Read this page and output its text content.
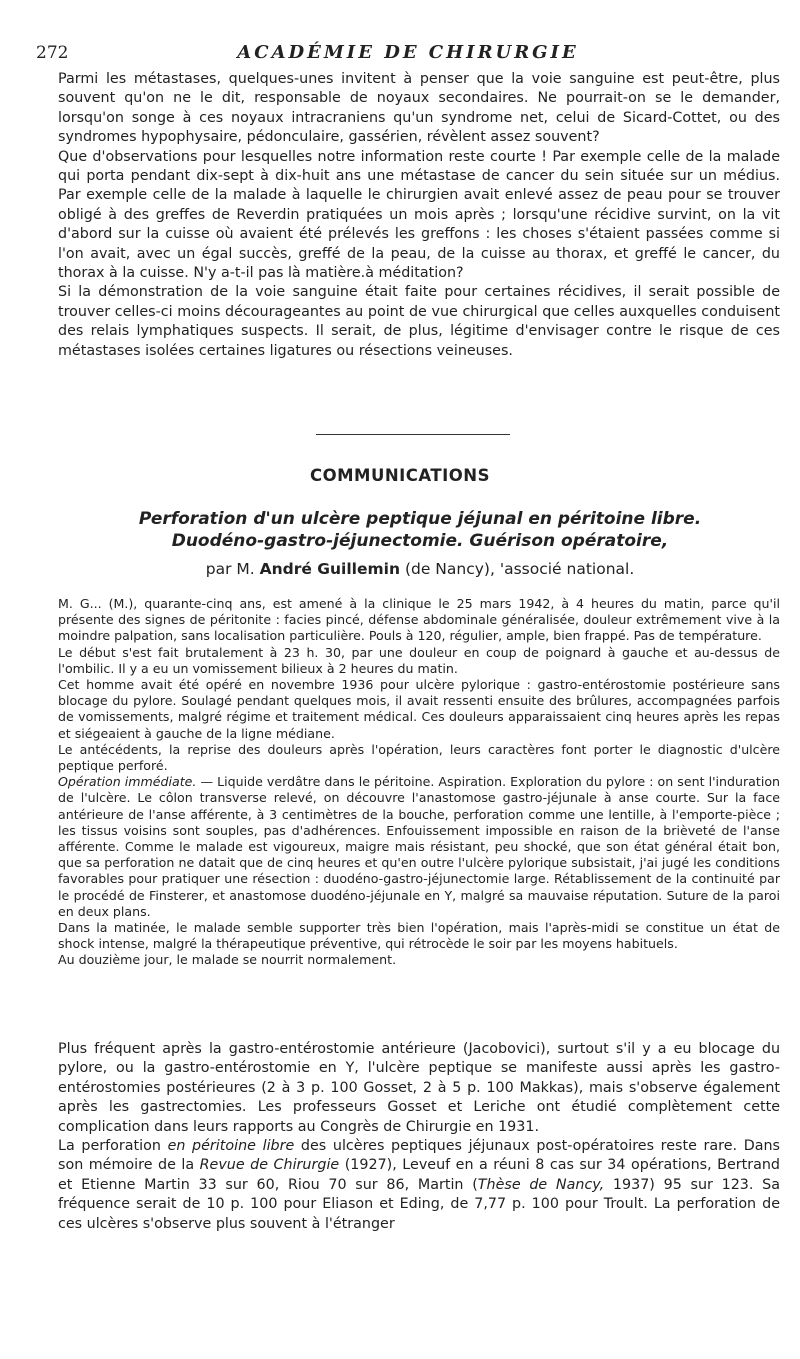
272	ACADÉMIE DE CHIRURGIE

Parmi les métastases, quelques-unes invitent à penser que la voie sanguine est peut-être, plus souvent qu'on ne le dit, responsable de noyaux secondaires. Ne pourrait-on se le demander, lorsqu'on songe à ces noyaux intracraniens qu'un syndrome net, celui de Sicard-Cottet, ou des syndromes hypophysaire, pédonculaire, gassérien, révèlent assez souvent?

Que d'observations pour lesquelles notre information reste courte ! Par exemple celle de la malade qui porta pendant dix-sept à dix-huit ans une métastase de cancer du sein située sur un médius. Par exemple celle de la malade à laquelle le chirurgien avait enlevé assez de peau pour se trouver obligé à des greffes de Reverdin pratiquées un mois après ; lorsqu'une récidive survint, on la vit d'abord sur la cuisse où avaient été prélevés les greffons : les choses s'étaient passées comme si l'on avait, avec un égal succès, greffé de la peau, de la cuisse au thorax, et greffé le cancer, du thorax à la cuisse. N'y a-t-il pas là matière.à méditation?

Si la démonstration de la voie sanguine était faite pour certaines récidives, il serait possible de trouver celles-ci moins décourageantes au point de vue chirurgical que celles auxquelles conduisent des relais lymphatiques suspects. Il serait, de plus, légitime d'envisager contre le risque de ces métastases isolées certaines ligatures ou résections veineuses.

COMMUNICATIONS
Perforation d'un ulcère peptique jéjunal en péritoine libre.
Duodéno-gastro-jéjunectomie. Guérison opératoire,
par M. André Guillemin (de Nancy), 'associé national.

M. G... (M.), quarante-cinq ans, est amené à la clinique le 25 mars 1942, à 4 heures du matin, parce qu'il présente des signes de péritonite : facies pincé, défense abdominale généralisée, douleur extrêmement vive à la moindre palpation, sans localisation particulière. Pouls à 120, régulier, ample, bien frappé. Pas de température.

Le début s'est fait brutalement à 23 h. 30, par une douleur en coup de poignard à gauche et au-dessus de l'ombilic. Il y a eu un vomissement bilieux à 2 heures du matin.

Cet homme avait été opéré en novembre 1936 pour ulcère pylorique : gastro-entérostomie postérieure sans blocage du pylore. Soulagé pendant quelques mois, il avait ressenti ensuite des brûlures, accompagnées parfois de vomissements, malgré régime et traitement médical. Ces douleurs apparaissaient cinq heures après les repas et siégeaient à gauche de la ligne médiane.

Le antécédents, la reprise des douleurs après l'opération, leurs caractères font porter le diagnostic d'ulcère peptique perforé.

Opération immédiate. — Liquide verdâtre dans le péritoine. Aspiration. Exploration du pylore : on sent l'induration de l'ulcère. Le côlon transverse relevé, on découvre l'anastomose gastro-jéjunale à anse courte. Sur la face antérieure de l'anse afférente, à 3 centimètres de la bouche, perforation comme une lentille, à l'emporte-pièce ; les tissus voisins sont souples, pas d'adhérences. Enfouissement impossible en raison de la brièveté de l'anse afférente. Comme le malade est vigoureux, maigre mais résistant, peu shocké, que son état général était bon, que sa perforation ne datait que de cinq heures et qu'en outre l'ulcère pylorique subsistait, j'ai jugé les conditions favorables pour pratiquer une résection : duodéno-gastro-jéjunectomie large. Rétablissement de la continuité par le procédé de Finsterer, et anastomose duodéno-jéjunale en Y, malgré sa mauvaise réputation. Suture de la paroi en deux plans.

Dans la matinée, le malade semble supporter très bien l'opération, mais l'après-midi se constitue un état de shock intense, malgré la thérapeutique préventive, qui rétrocède le soir par les moyens habituels.

Au douzième jour, le malade se nourrit normalement.

Plus fréquent après la gastro-entérostomie antérieure (Jacobovici), surtout s'il y a eu blocage du pylore, ou la gastro-entérostomie en Y, l'ulcère peptique se manifeste aussi après les gastro-entérostomies postérieures (2 à 3 p. 100 Gosset, 2 à 5 p. 100 Makkas), mais s'observe également après les gastrectomies. Les professeurs Gosset et Leriche ont étudié complètement cette complication dans leurs rapports au Congrès de Chirurgie en 1931.

La perforation en péritoine libre des ulcères peptiques jéjunaux post-opératoires reste rare. Dans son mémoire de la Revue de Chirurgie (1927), Leveuf en a réuni 8 cas sur 34 opérations, Bertrand et Etienne Martin 33 sur 60, Riou 70 sur 86, Martin (Thèse de Nancy, 1937) 95 sur 123. Sa fréquence serait de 10 p. 100 pour Eliason et Eding, de 7,77 p. 100 pour Troult. La perforation de ces ulcères s'observe plus souvent à l'étranger
